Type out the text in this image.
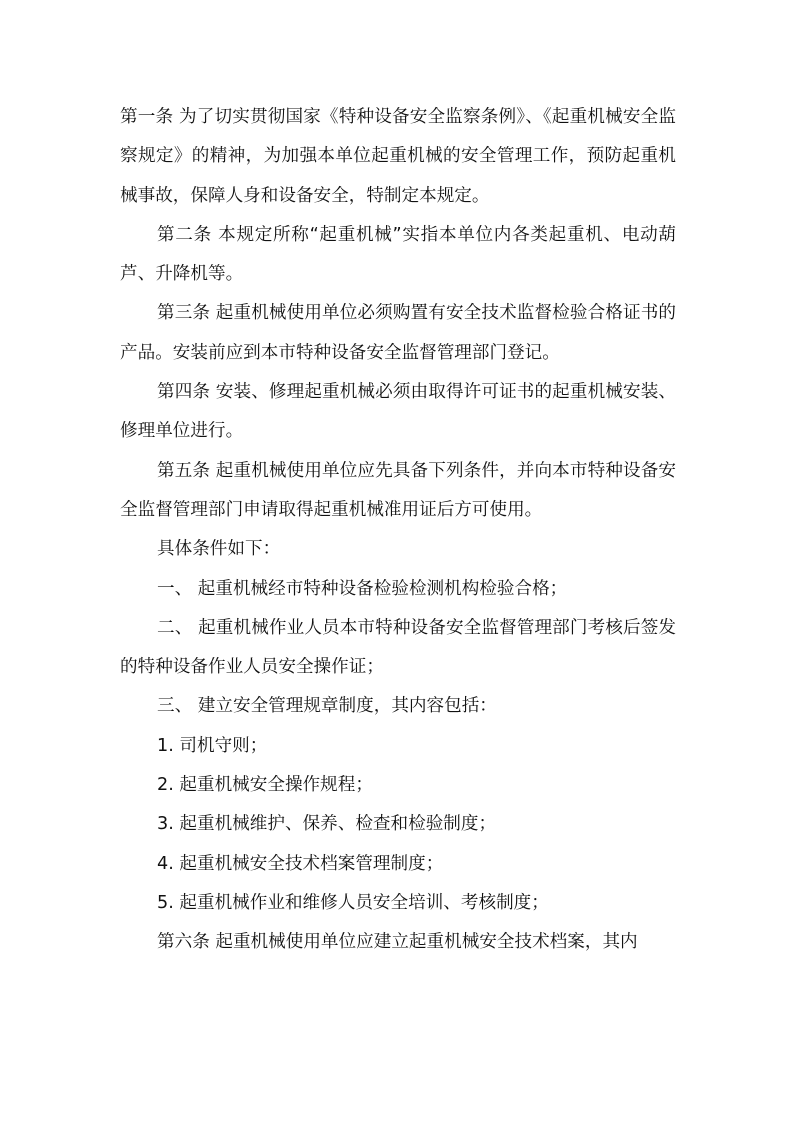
第一条 为了切实贯彻国家《特种设备安全监察条例》、《起重机械安全监察规定》的精神，为加强本单位起重机械的安全管理工作，预防起重机械事故，保障人身和设备安全，特制定本规定。

第二条 本规定所称“起重机械”实指本单位内各类起重机、电动葫芦、升降机等。

第三条 起重机械使用单位必须购置有安全技术监督检验合格证书的产品。安装前应到本市特种设备安全监督管理部门登记。

第四条 安装、修理起重机械必须由取得许可证书的起重机械安装、修理单位进行。

第五条 起重机械使用单位应先具备下列条件，并向本市特种设备安全监督管理部门申请取得起重机械准用证后方可使用。

具体条件如下：

一、 起重机械经市特种设备检验检测机构检验合格；

二、 起重机械作业人员本市特种设备安全监督管理部门考核后签发的特种设备作业人员安全操作证；

三、 建立安全管理规章制度，其内容包括：

1. 司机守则；

2. 起重机械安全操作规程；

3. 起重机械维护、保养、检查和检验制度；

4. 起重机械安全技术档案管理制度；

5. 起重机械作业和维修人员安全培训、考核制度；

第六条 起重机械使用单位应建立起重机械安全技术档案，其内
